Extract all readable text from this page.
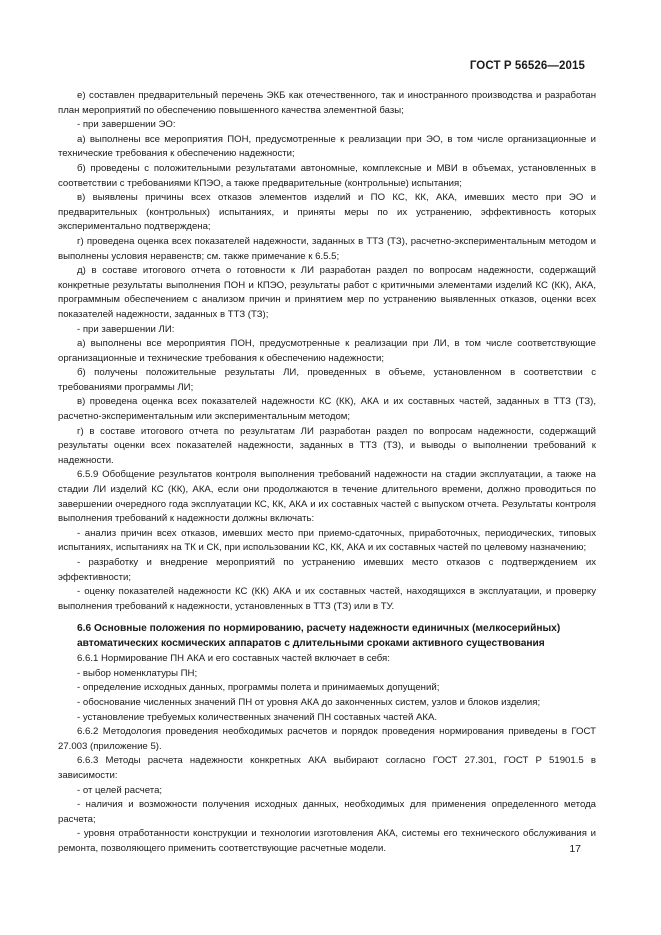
ГОСТ Р 56526—2015

е) составлен предварительный перечень ЭКБ как отечественного, так и иностранного производства и разработан план мероприятий по обеспечению повышенного качества элементной базы;

- при завершении ЭО:

а) выполнены все мероприятия ПОН, предусмотренные к реализации при ЭО, в том числе организационные и технические требования к обеспечению надежности;

б) проведены с положительными результатами автономные, комплексные и МВИ в объемах, установленных в соответствии с требованиями КПЭО, а также предварительные (контрольные) испытания;

в) выявлены причины всех отказов элементов изделий и ПО КС, КК, АКА, имевших место при ЭО и предварительных (контрольных) испытаниях, и приняты меры по их устранению, эффективность которых экспериментально подтверждена;

г) проведена оценка всех показателей надежности, заданных в ТТЗ (ТЗ), расчетно-экспериментальным методом и выполнены условия неравенств; см. также примечание к 6.5.5;

д) в составе итогового отчета о готовности к ЛИ разработан раздел по вопросам надежности, содержащий конкретные результаты выполнения ПОН и КПЭО, результаты работ с критичными элементами изделий КС (КК), АКА, программным обеспечением с анализом причин и принятием мер по устранению выявленных отказов, оценки всех показателей надежности, заданных в ТТЗ (ТЗ);

- при завершении ЛИ:

а) выполнены все мероприятия ПОН, предусмотренные к реализации при ЛИ, в том числе соответствующие организационные и технические требования к обеспечению надежности;

б) получены положительные результаты ЛИ, проведенных в объеме, установленном в соответствии с требованиями программы ЛИ;

в) проведена оценка всех показателей надежности КС (КК), АКА и их составных частей, заданных в ТТЗ (ТЗ), расчетно-экспериментальным или экспериментальным методом;

г) в составе итогового отчета по результатам ЛИ разработан раздел по вопросам надежности, содержащий результаты оценки всех показателей надежности, заданных в ТТЗ (ТЗ), и выводы о выполнении требований к надежности.

6.5.9 Обобщение результатов контроля выполнения требований надежности на стадии эксплуатации, а также на стадии ЛИ изделий КС (КК), АКА, если они продолжаются в течение длительного времени, должно проводиться по завершении очередного года эксплуатации КС, КК, АКА и их составных частей с выпуском отчета. Результаты контроля выполнения требований к надежности должны включать:

- анализ причин всех отказов, имевших место при приемо-сдаточных, приработочных, периодических, типовых испытаниях, испытаниях на ТК и СК, при использовании КС, КК, АКА и их составных частей по целевому назначению;

- разработку и внедрение мероприятий по устранению имевших место отказов с подтверждением их эффективности;

- оценку показателей надежности КС (КК) АКА и их составных частей, находящихся в эксплуатации, и проверку выполнения требований к надежности, установленных в ТТЗ (ТЗ) или в ТУ.

6.6 Основные положения по нормированию, расчету надежности единичных (мелкосерийных) автоматических космических аппаратов с длительными сроками активного существования

6.6.1 Нормирование ПН АКА и его составных частей включает в себя:

- выбор номенклатуры ПН;

- определение исходных данных, программы полета и принимаемых допущений;

- обоснование численных значений ПН от уровня АКА до законченных систем, узлов и блоков изделия;

- установление требуемых количественных значений ПН составных частей АКА.

6.6.2 Методология проведения необходимых расчетов и порядок проведения нормирования приведены в ГОСТ 27.003 (приложение 5).

6.6.3 Методы расчета надежности конкретных АКА выбирают согласно ГОСТ 27.301, ГОСТ Р 51901.5 в зависимости:

- от целей расчета;

- наличия и возможности получения исходных данных, необходимых для применения определенного метода расчета;

- уровня отработанности конструкции и технологии изготовления АКА, системы его технического обслуживания и ремонта, позволяющего применить соответствующие расчетные модели.	17
